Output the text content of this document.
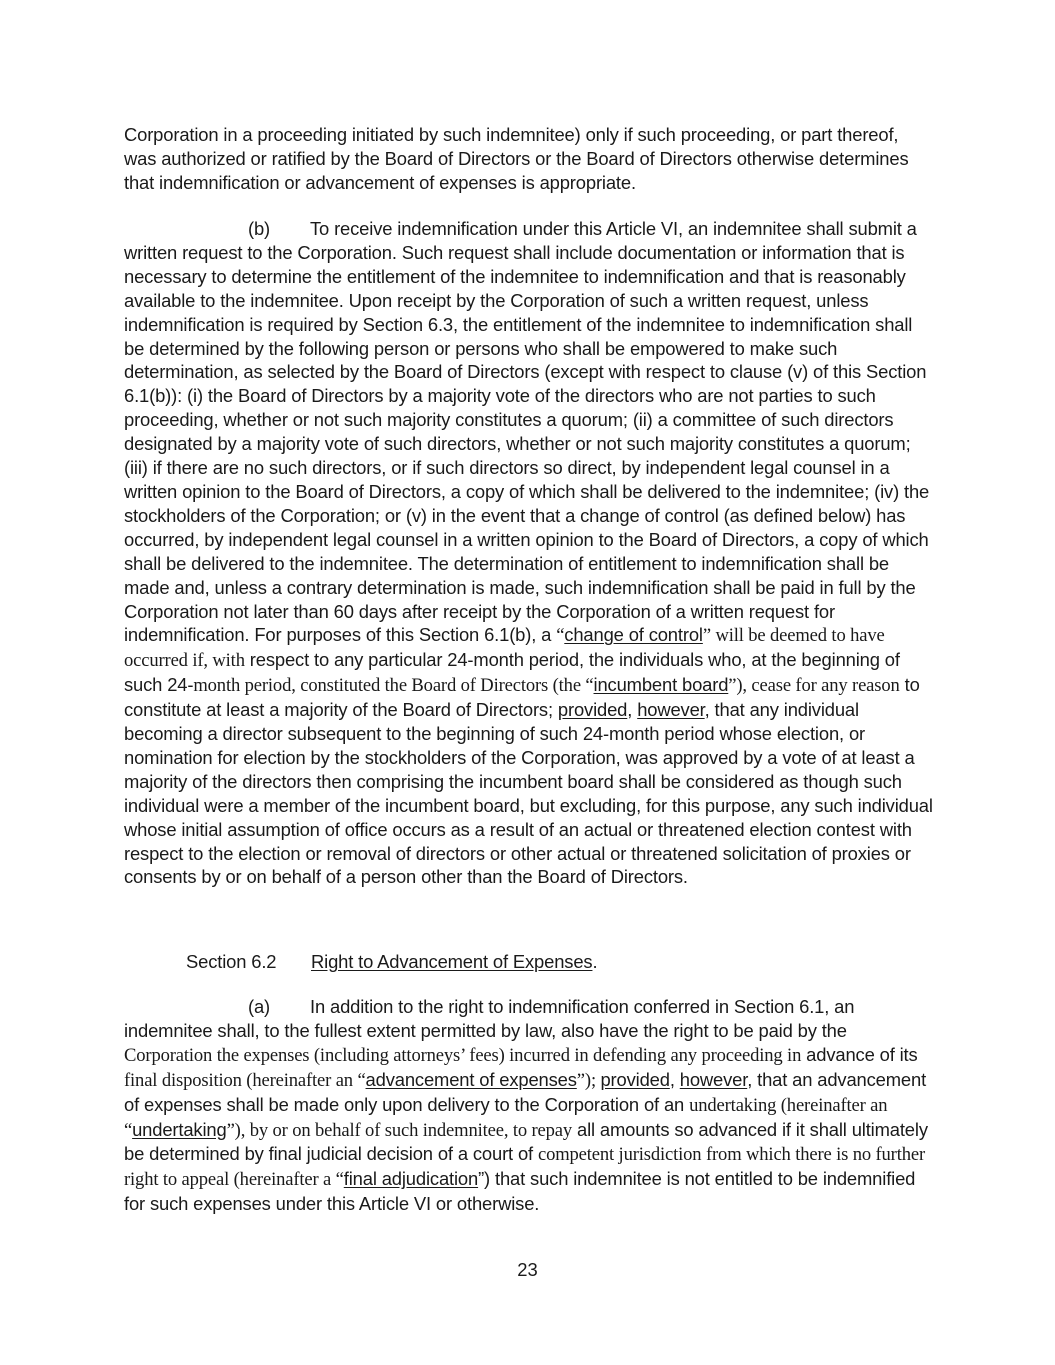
Corporation in a proceeding initiated by such indemnitee) only if such proceeding, or part thereof, was authorized or ratified by the Board of Directors or the Board of Directors otherwise determines that indemnification or advancement of expenses is appropriate.

(b) To receive indemnification under this Article VI, an indemnitee shall submit a written request to the Corporation. Such request shall include documentation or information that is necessary to determine the entitlement of the indemnitee to indemnification and that is reasonably available to the indemnitee. Upon receipt by the Corporation of such a written request, unless indemnification is required by Section 6.3, the entitlement of the indemnitee to indemnification shall be determined by the following person or persons who shall be empowered to make such determination, as selected by the Board of Directors (except with respect to clause (v) of this Section 6.1(b)): (i) the Board of Directors by a majority vote of the directors who are not parties to such proceeding, whether or not such majority constitutes a quorum; (ii) a committee of such directors designated by a majority vote of such directors, whether or not such majority constitutes a quorum; (iii) if there are no such directors, or if such directors so direct, by independent legal counsel in a written opinion to the Board of Directors, a copy of which shall be delivered to the indemnitee; (iv) the stockholders of the Corporation; or (v) in the event that a change of control (as defined below) has occurred, by independent legal counsel in a written opinion to the Board of Directors, a copy of which shall be delivered to the indemnitee. The determination of entitlement to indemnification shall be made and, unless a contrary determination is made, such indemnification shall be paid in full by the Corporation not later than 60 days after receipt by the Corporation of a written request for indemnification. For purposes of this Section 6.1(b), a “change of control” will be deemed to have occurred if, with respect to any particular 24-month period, the individuals who, at the beginning of such 24-month period, constituted the Board of Directors (the “incumbent board”), cease for any reason to constitute at least a majority of the Board of Directors; provided, however, that any individual becoming a director subsequent to the beginning of such 24-month period whose election, or nomination for election by the stockholders of the Corporation, was approved by a vote of at least a majority of the directors then comprising the incumbent board shall be considered as though such individual were a member of the incumbent board, but excluding, for this purpose, any such individual whose initial assumption of office occurs as a result of an actual or threatened election contest with respect to the election or removal of directors or other actual or threatened solicitation of proxies or consents by or on behalf of a person other than the Board of Directors.

Section 6.2 Right to Advancement of Expenses.

(a) In addition to the right to indemnification conferred in Section 6.1, an indemnitee shall, to the fullest extent permitted by law, also have the right to be paid by the Corporation the expenses (including attorneys’ fees) incurred in defending any proceeding in advance of its final disposition (hereinafter an “advancement of expenses”); provided, however, that an advancement of expenses shall be made only upon delivery to the Corporation of an undertaking (hereinafter an “undertaking”), by or on behalf of such indemnitee, to repay all amounts so advanced if it shall ultimately be determined by final judicial decision of a court of competent jurisdiction from which there is no further right to appeal (hereinafter a “final adjudication”) that such indemnitee is not entitled to be indemnified for such expenses under this Article VI or otherwise.

23
